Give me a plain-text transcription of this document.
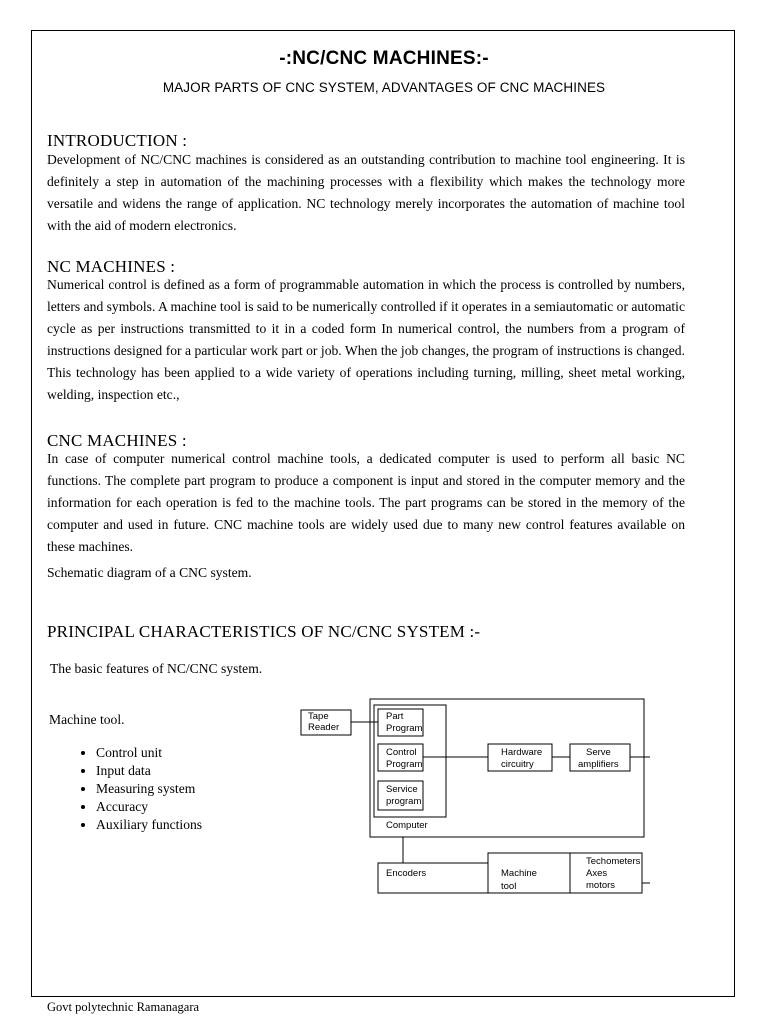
-:NC/CNC MACHINES:-
MAJOR PARTS OF CNC SYSTEM, ADVANTAGES OF CNC MACHINES
INTRODUCTION :
Development of NC/CNC machines is considered as an outstanding contribution to machine tool engineering. It is definitely a step in automation of the machining processes with a flexibility which makes the technology more versatile and widens the range of application. NC technology merely incorporates the automation of machine tool with the aid of modern electronics.
NC MACHINES :
Numerical control is defined as a form of programmable automation in which the process is controlled by numbers, letters and symbols. A machine tool is said to be numerically controlled if it operates in a semiautomatic or automatic cycle as per instructions transmitted to it in a coded form In numerical control, the numbers from a program of instructions designed for a particular work part or job. When the job changes, the program of instructions is changed. This technology has been applied to a wide variety of operations including turning, milling, sheet metal working, welding, inspection etc.,
CNC MACHINES :
In case of computer numerical control machine tools, a dedicated computer is used to perform all basic NC functions. The complete part program to produce a component is input and stored in the computer memory and the information for each operation is fed to the machine tools. The part programs can be stored in the memory of the computer and used in future. CNC machine tools are widely used due to many new control features available on these machines.
Schematic diagram of a CNC system.
PRINCIPAL CHARACTERISTICS OF NC/CNC SYSTEM :-
The basic features of NC/CNC system.
Machine tool.
• Control unit
• Input data
• Measuring system
• Accuracy
• Auxiliary functions
Tape
Reader
Part
Program
Control
Program
Service
program
Computer
Hardware
circuitry
Serve
amplifiers
Encoders	Machine
tool
Techometers
Axes
motors
Govt polytechnic Ramanagara
